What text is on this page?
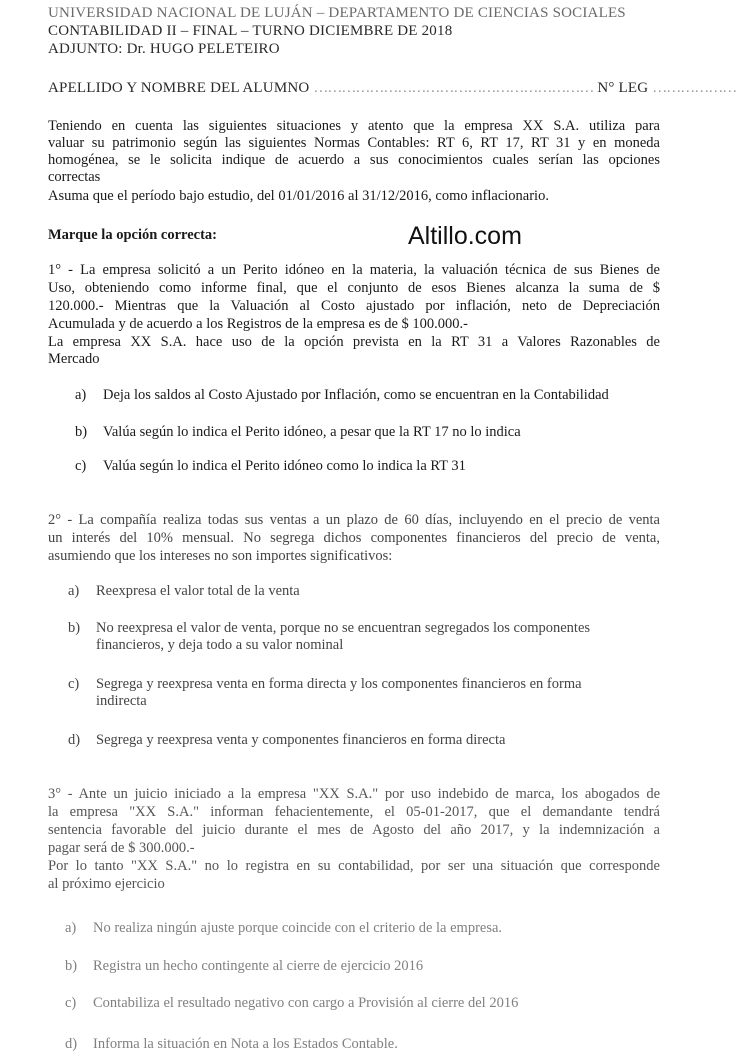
UNIVERSIDAD NACIONAL DE LUJÁN – DEPARTAMENTO DE CIENCIAS SOCIALES
CONTABILIDAD II – FINAL – TURNO DICIEMBRE DE 2018
ADJUNTO: Dr. HUGO PELETEIRO
APELLIDO Y NOMBRE DEL ALUMNO …………………………………………………… N° LEG ………………
Teniendo en cuenta las siguientes situaciones y atento que la empresa XX S.A. utiliza para
valuar su patrimonio según las siguientes Normas Contables: RT 6, RT 17, RT 31 y en moneda
homogénea, se le solicita indique de acuerdo a sus conocimientos cuales serían las opciones
correctas
Asuma que el período bajo estudio, del 01/01/2016 al 31/12/2016, como inflacionario.
Marque la opción correcta:	Altillo.com
1° - La empresa solicitó a un Perito idóneo en la materia, la valuación técnica de sus Bienes de
Uso, obteniendo como informe final, que el conjunto de esos Bienes alcanza la suma de $
120.000.- Mientras que la Valuación al Costo ajustado por inflación, neto de Depreciación
Acumulada y de acuerdo a los Registros de la empresa es de $ 100.000.-
La empresa XX S.A. hace uso de la opción prevista en la RT 31 a Valores Razonables de
Mercado
a) Deja los saldos al Costo Ajustado por Inflación, como se encuentran en la Contabilidad
b) Valúa según lo indica el Perito idóneo, a pesar que la RT 17 no lo indica
c) Valúa según lo indica el Perito idóneo como lo indica la RT 31
2° - La compañía realiza todas sus ventas a un plazo de 60 días, incluyendo en el precio de venta
un interés del 10% mensual. No segrega dichos componentes financieros del precio de venta,
asumiendo que los intereses no son importes significativos:
a) Reexpresa el valor total de la venta
b) No reexpresa el valor de venta, porque no se encuentran segregados los componentes
financieros, y deja todo a su valor nominal
c) Segrega y reexpresa venta en forma directa y los componentes financieros en forma
indirecta
d) Segrega y reexpresa venta y componentes financieros en forma directa
3° - Ante un juicio iniciado a la empresa "XX S.A." por uso indebido de marca, los abogados de
la empresa "XX S.A." informan fehacientemente, el 05-01-2017, que el demandante tendrá
sentencia favorable del juicio durante el mes de Agosto del año 2017, y la indemnización a
pagar será de $ 300.000.-
Por lo tanto "XX S.A." no lo registra en su contabilidad, por ser una situación que corresponde
al próximo ejercicio
a) No realiza ningún ajuste porque coincide con el criterio de la empresa.
b) Registra un hecho contingente al cierre de ejercicio 2016
c) Contabiliza el resultado negativo con cargo a Provisión al cierre del 2016
d) Informa la situación en Nota a los Estados Contable.
